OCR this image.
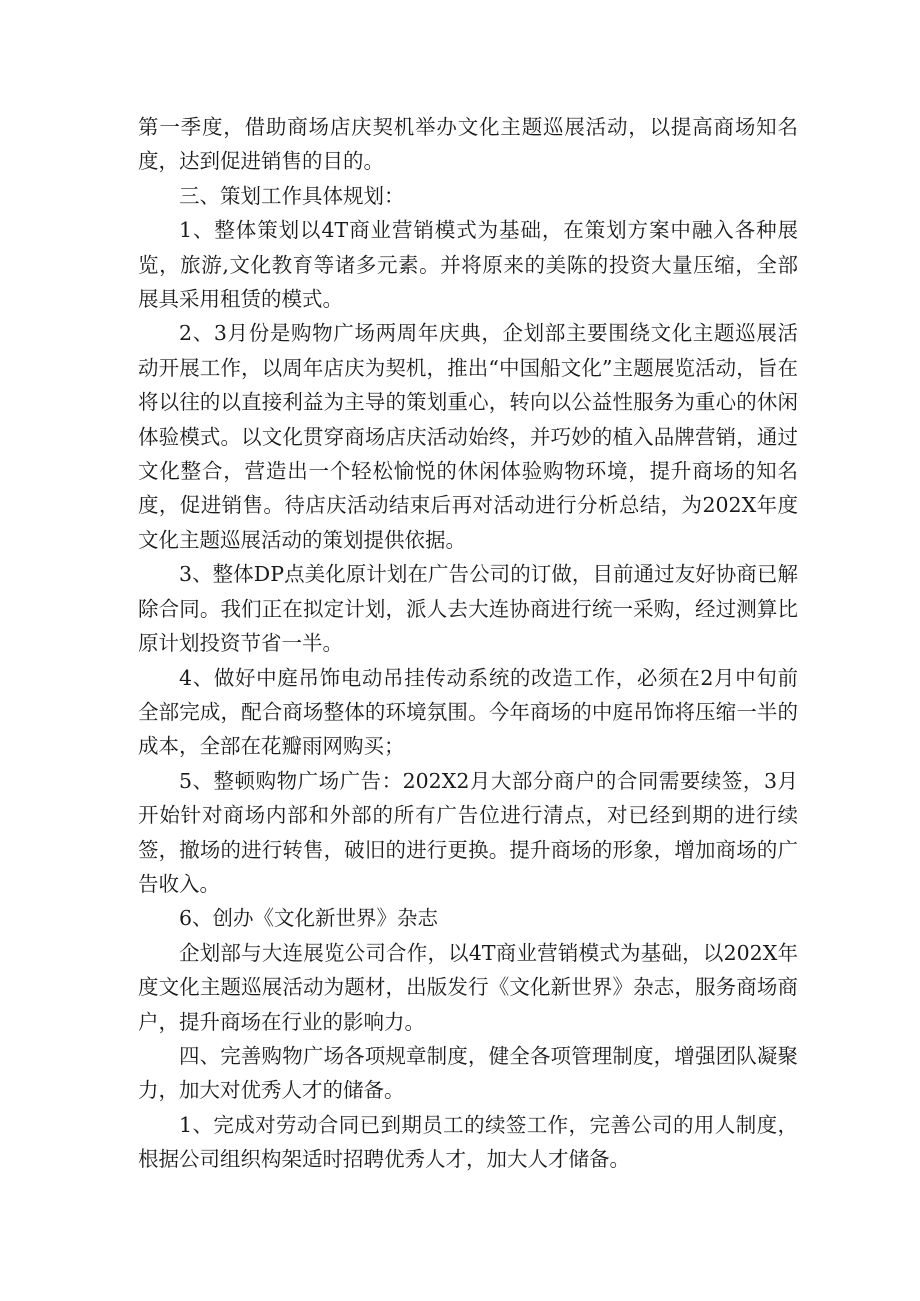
第一季度，借助商场店庆契机举办文化主题巡展活动，以提高商场知名度，达到促进销售的目的。

三、策划工作具体规划：

1、整体策划以4T商业营销模式为基础，在策划方案中融入各种展览，旅游,文化教育等诸多元素。并将原来的美陈的投资大量压缩，全部展具采用租赁的模式。

2、3月份是购物广场两周年庆典，企划部主要围绕文化主题巡展活动开展工作，以周年店庆为契机，推出“中国船文化”主题展览活动，旨在将以往的以直接利益为主导的策划重心，转向以公益性服务为重心的休闲体验模式。以文化贯穿商场店庆活动始终，并巧妙的植入品牌营销，通过文化整合，营造出一个轻松愉悦的休闲体验购物环境，提升商场的知名度，促进销售。待店庆活动结束后再对活动进行分析总结，为202X年度文化主题巡展活动的策划提供依据。

3、整体DP点美化原计划在广告公司的订做，目前通过友好协商已解除合同。我们正在拟定计划，派人去大连协商进行统一采购，经过测算比原计划投资节省一半。

4、做好中庭吊饰电动吊挂传动系统的改造工作，必须在2月中旬前全部完成，配合商场整体的环境氛围。今年商场的中庭吊饰将压缩一半的成本，全部在花瓣雨网购买；

5、整顿购物广场广告：202X2月大部分商户的合同需要续签，3月开始针对商场内部和外部的所有广告位进行清点，对已经到期的进行续签，撤场的进行转售，破旧的进行更换。提升商场的形象，增加商场的广告收入。

6、创办《文化新世界》杂志

企划部与大连展览公司合作，以4T商业营销模式为基础，以202X年度文化主题巡展活动为题材，出版发行《文化新世界》杂志，服务商场商户，提升商场在行业的影响力。

四、完善购物广场各项规章制度，健全各项管理制度，增强团队凝聚力，加大对优秀人才的储备。

1、完成对劳动合同已到期员工的续签工作，完善公司的用人制度，根据公司组织构架适时招聘优秀人才，加大人才储备。
